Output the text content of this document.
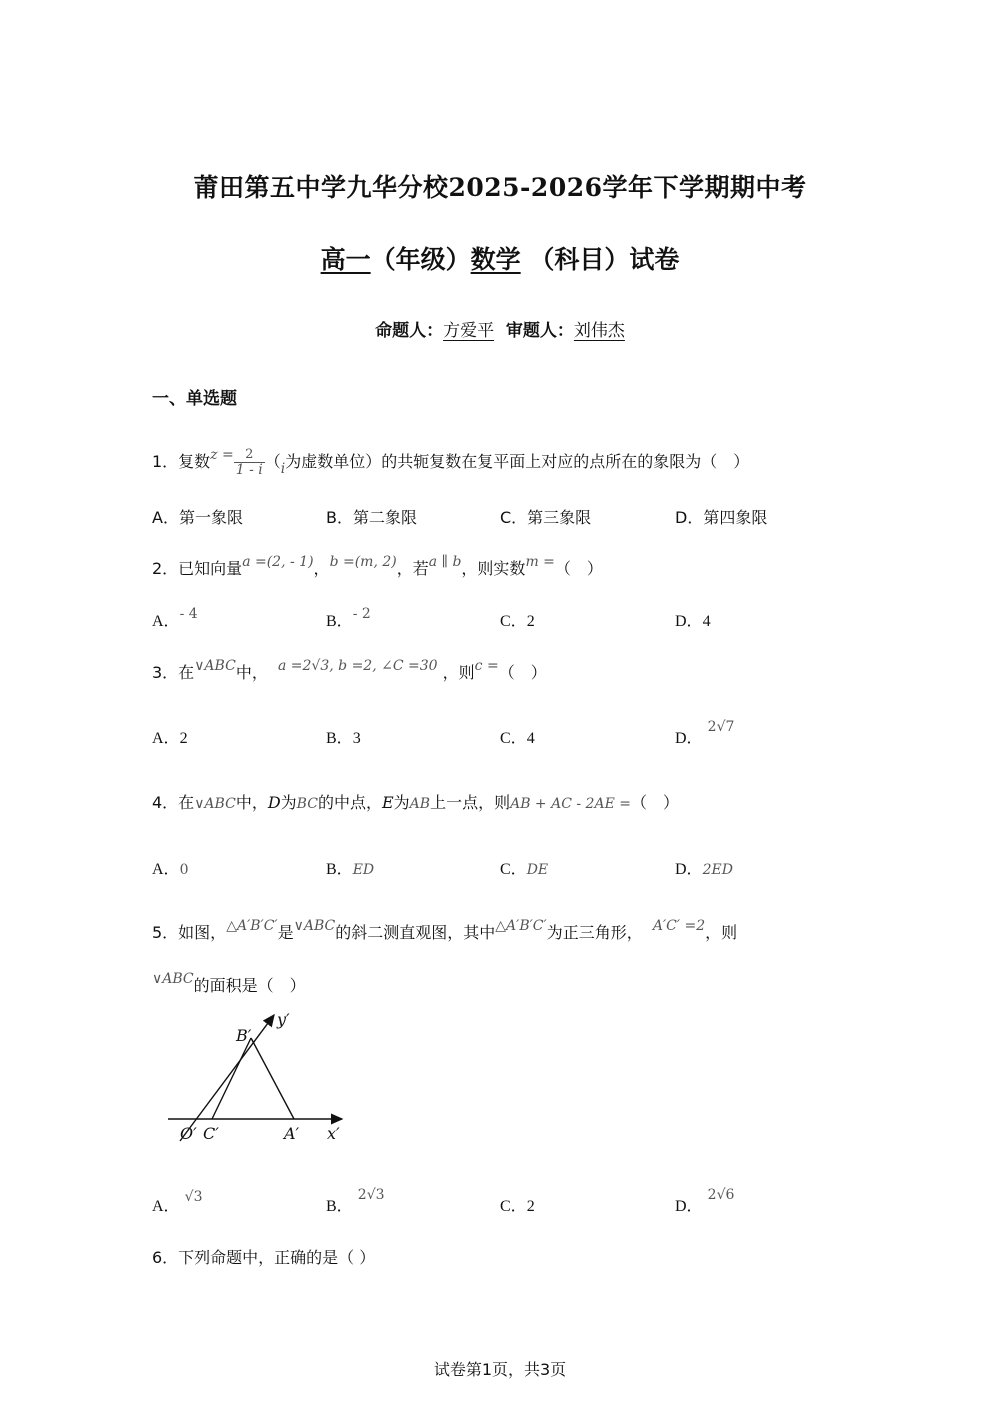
莆田第五中学九华分校2025-2026学年下学期期中考
高一（年级）数学 （科目）试卷
命题人：方爱平 审题人：刘伟杰
一、单选题
1．复数$z = \frac{2}{1 - i} (i$为虚数单位）的共轭复数在复平面上对应的点所在的象限为（　）
A．第一象限	B．第二象限	C．第三象限	D．第四象限
2．已知向量a =(2, - 1)，b =(m, 2)，若a ∥ b，则实数m =（　）
A．- 4	B．- 2	C．2	D．4
3．在∨ABC中， a =2√3, b =2, ∠C =30 ，则c =（　）
A．2	B．3	C．4	D． 2√7
4．在∨ABC中，D为BC的中点，E为AB上一点，则AB + AC - 2AE =（　）
A．0	B．ED	C．DE	D．2ED
5．如图，△A′B′C′是∨ABC的斜二测直观图，其中△A′B′C′为正三角形， A′C′ =2，则
∨ABC的面积是（　）
B′
y′
O′ C′	A′ x′
A． √3
B． 2√3
C．2	D． 2√6
6．下列命题中，正确的是（ ）
试卷第1页，共3页
